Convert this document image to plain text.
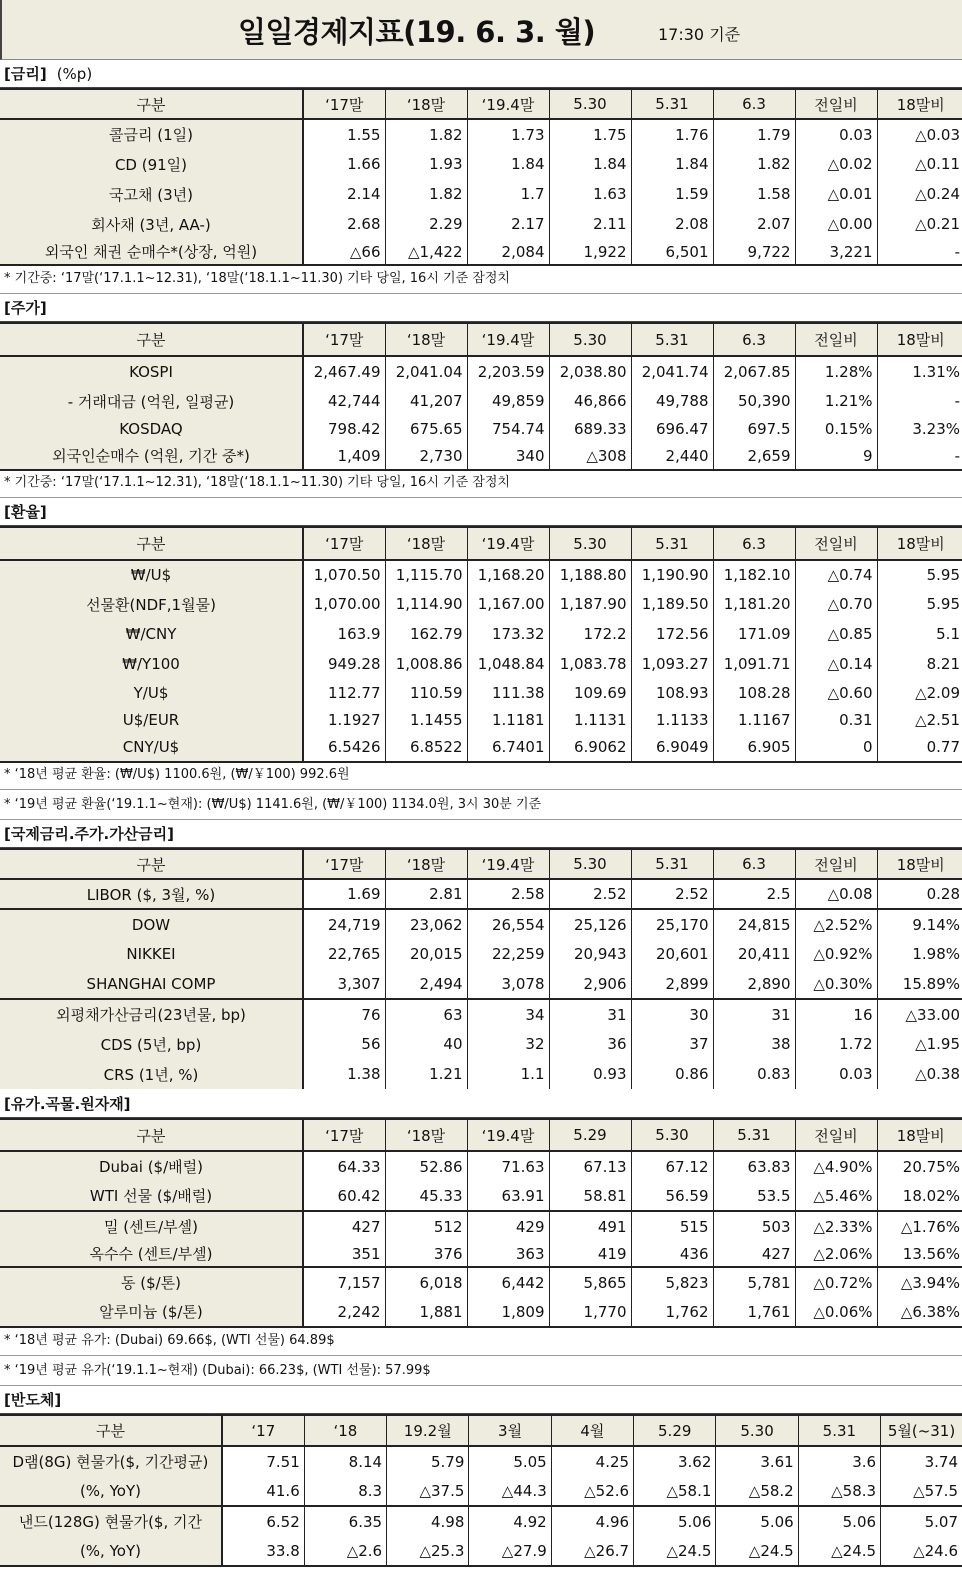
일일경제지표(19. 6. 3. 월)	17:30 기준
[금리] (%p)
구분	‘17말	‘18말	‘19.4말	5.30	5.31	6.3	전일비	18말비
콜금리 (1일)	1.55	1.82	1.73	1.75	1.76	1.79	0.03	△0.03
CD (91일)	1.66	1.93	1.84	1.84	1.84	1.82	△0.02	△0.11
국고채 (3년)	2.14	1.82	1.7	1.63	1.59	1.58	△0.01	△0.24
회사채 (3년, AA-)	2.68	2.29	2.17	2.11	2.08	2.07	△0.00	△0.21
외국인 채권 순매수*(상장, 억원)	△66	△1,422	2,084	1,922	6,501	9,722	3,221	-
* 기간중: ‘17말(‘17.1.1~12.31), ‘18말(‘18.1.1~11.30) 기타 당일, 16시 기준 잠정치
[주가]
구분	‘17말	‘18말	‘19.4말	5.30	5.31	6.3	전일비	18말비
KOSPI	2,467.49	2,041.04	2,203.59	2,038.80	2,041.74	2,067.85	1.28%	1.31%
- 거래대금 (억원, 일평균)	42,744	41,207	49,859	46,866	49,788	50,390	1.21%	-
KOSDAQ	798.42	675.65	754.74	689.33	696.47	697.5	0.15%	3.23%
외국인순매수 (억원, 기간 중*)	1,409	2,730	340	△308	2,440	2,659	9	-
* 기간중: ‘17말(‘17.1.1~12.31), ‘18말(‘18.1.1~11.30) 기타 당일, 16시 기준 잠정치
[환율]
구분	‘17말	‘18말	‘19.4말	5.30	5.31	6.3	전일비	18말비
₩/U$	1,070.50	1,115.70	1,168.20	1,188.80	1,190.90	1,182.10	△0.74	5.95
선물환(NDF,1월물)	1,070.00	1,114.90	1,167.00	1,187.90	1,189.50	1,181.20	△0.70	5.95
₩/CNY	163.9	162.79	173.32	172.2	172.56	171.09	△0.85	5.1
₩/Y100	949.28	1,008.86	1,048.84	1,083.78	1,093.27	1,091.71	△0.14	8.21
Y/U$	112.77	110.59	111.38	109.69	108.93	108.28	△0.60	△2.09
U$/EUR	1.1927	1.1455	1.1181	1.1131	1.1133	1.1167	0.31	△2.51
CNY/U$	6.5426	6.8522	6.7401	6.9062	6.9049	6.905	0	0.77
* ‘18년 평균 환율: (₩/U$) 1100.6원, (₩/￥100) 992.6원
* ‘19년 평균 환율(‘19.1.1~현재): (₩/U$) 1141.6원, (₩/￥100) 1134.0원, 3시 30분 기준
[국제금리.주가.가산금리]
구분	‘17말	‘18말	‘19.4말	5.30	5.31	6.3	전일비	18말비
LIBOR ($, 3월, %)	1.69	2.81	2.58	2.52	2.52	2.5	△0.08	0.28
DOW	24,719	23,062	26,554	25,126	25,170	24,815	△2.52%	9.14%
NIKKEI	22,765	20,015	22,259	20,943	20,601	20,411	△0.92%	1.98%
SHANGHAI COMP	3,307	2,494	3,078	2,906	2,899	2,890	△0.30%	15.89%
외평채가산금리(23년물, bp)	76	63	34	31	30	31	16	△33.00
CDS (5년, bp)	56	40	32	36	37	38	1.72	△1.95
CRS (1년, %)	1.38	1.21	1.1	0.93	0.86	0.83	0.03	△0.38
[유가.곡물.원자재]
구분	‘17말	‘18말	‘19.4말	5.29	5.30	5.31	전일비	18말비
Dubai ($/배럴)	64.33	52.86	71.63	67.13	67.12	63.83	△4.90%	20.75%
WTI 선물 ($/배럴)	60.42	45.33	63.91	58.81	56.59	53.5	△5.46%	18.02%
밀 (센트/부셀)	427	512	429	491	515	503	△2.33%	△1.76%
옥수수 (센트/부셀)	351	376	363	419	436	427	△2.06%	13.56%
동 ($/톤)	7,157	6,018	6,442	5,865	5,823	5,781	△0.72%	△3.94%
알루미늄 ($/톤)	2,242	1,881	1,809	1,770	1,762	1,761	△0.06%	△6.38%
* ‘18년 평균 유가: (Dubai) 69.66$, (WTI 선물) 64.89$
* ‘19년 평균 유가(‘19.1.1~현재) (Dubai): 66.23$, (WTI 선물): 57.99$
[반도체]
구분	‘17	‘18	19.2월	3월	4월	5.29	5.30	5.31	5월(~31)
D램(8G) 현물가($, 기간평균)	7.51	8.14	5.79	5.05	4.25	3.62	3.61	3.6	3.74
(%, YoY)	41.6	8.3	△37.5	△44.3	△52.6	△58.1	△58.2	△58.3	△57.5
낸드(128G) 현물가($, 기간	6.52	6.35	4.98	4.92	4.96	5.06	5.06	5.06	5.07
(%, YoY)	33.8	△2.6	△25.3	△27.9	△26.7	△24.5	△24.5	△24.5	△24.6
